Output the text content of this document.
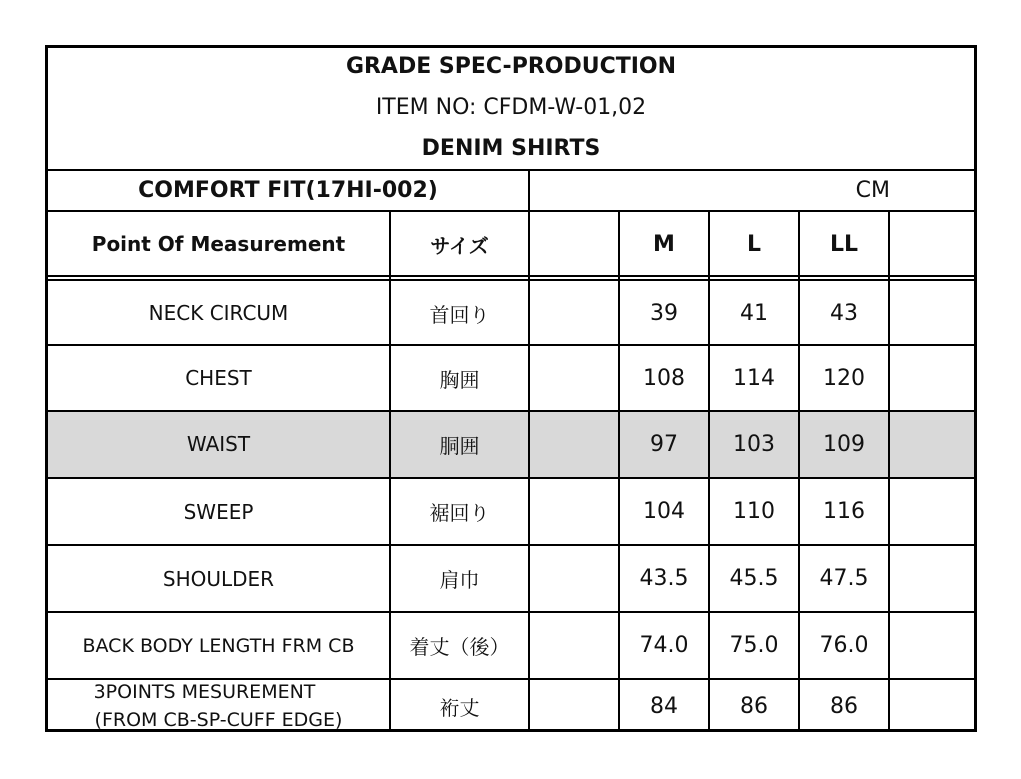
GRADE SPEC-PRODUCTION
ITEM NO: CFDM-W-01,02
DENIM SHIRTS
COMFORT FIT(17HI-002)	CM
Point Of Measurement	サイズ	M	L	LL
NECK CIRCUM	首回り	39	41	43
CHEST	胸囲	108	114	120
WAIST	胴囲	97	103	109
SWEEP	裾回り	104	110	116
SHOULDER	肩巾	43.5	45.5	47.5
BACK BODY LENGTH FRM CB	着丈（後）	74.0	75.0	76.0
3POINTS MESUREMENT
(FROM CB-SP-CUFF EDGE)
裄丈	84	86	86
